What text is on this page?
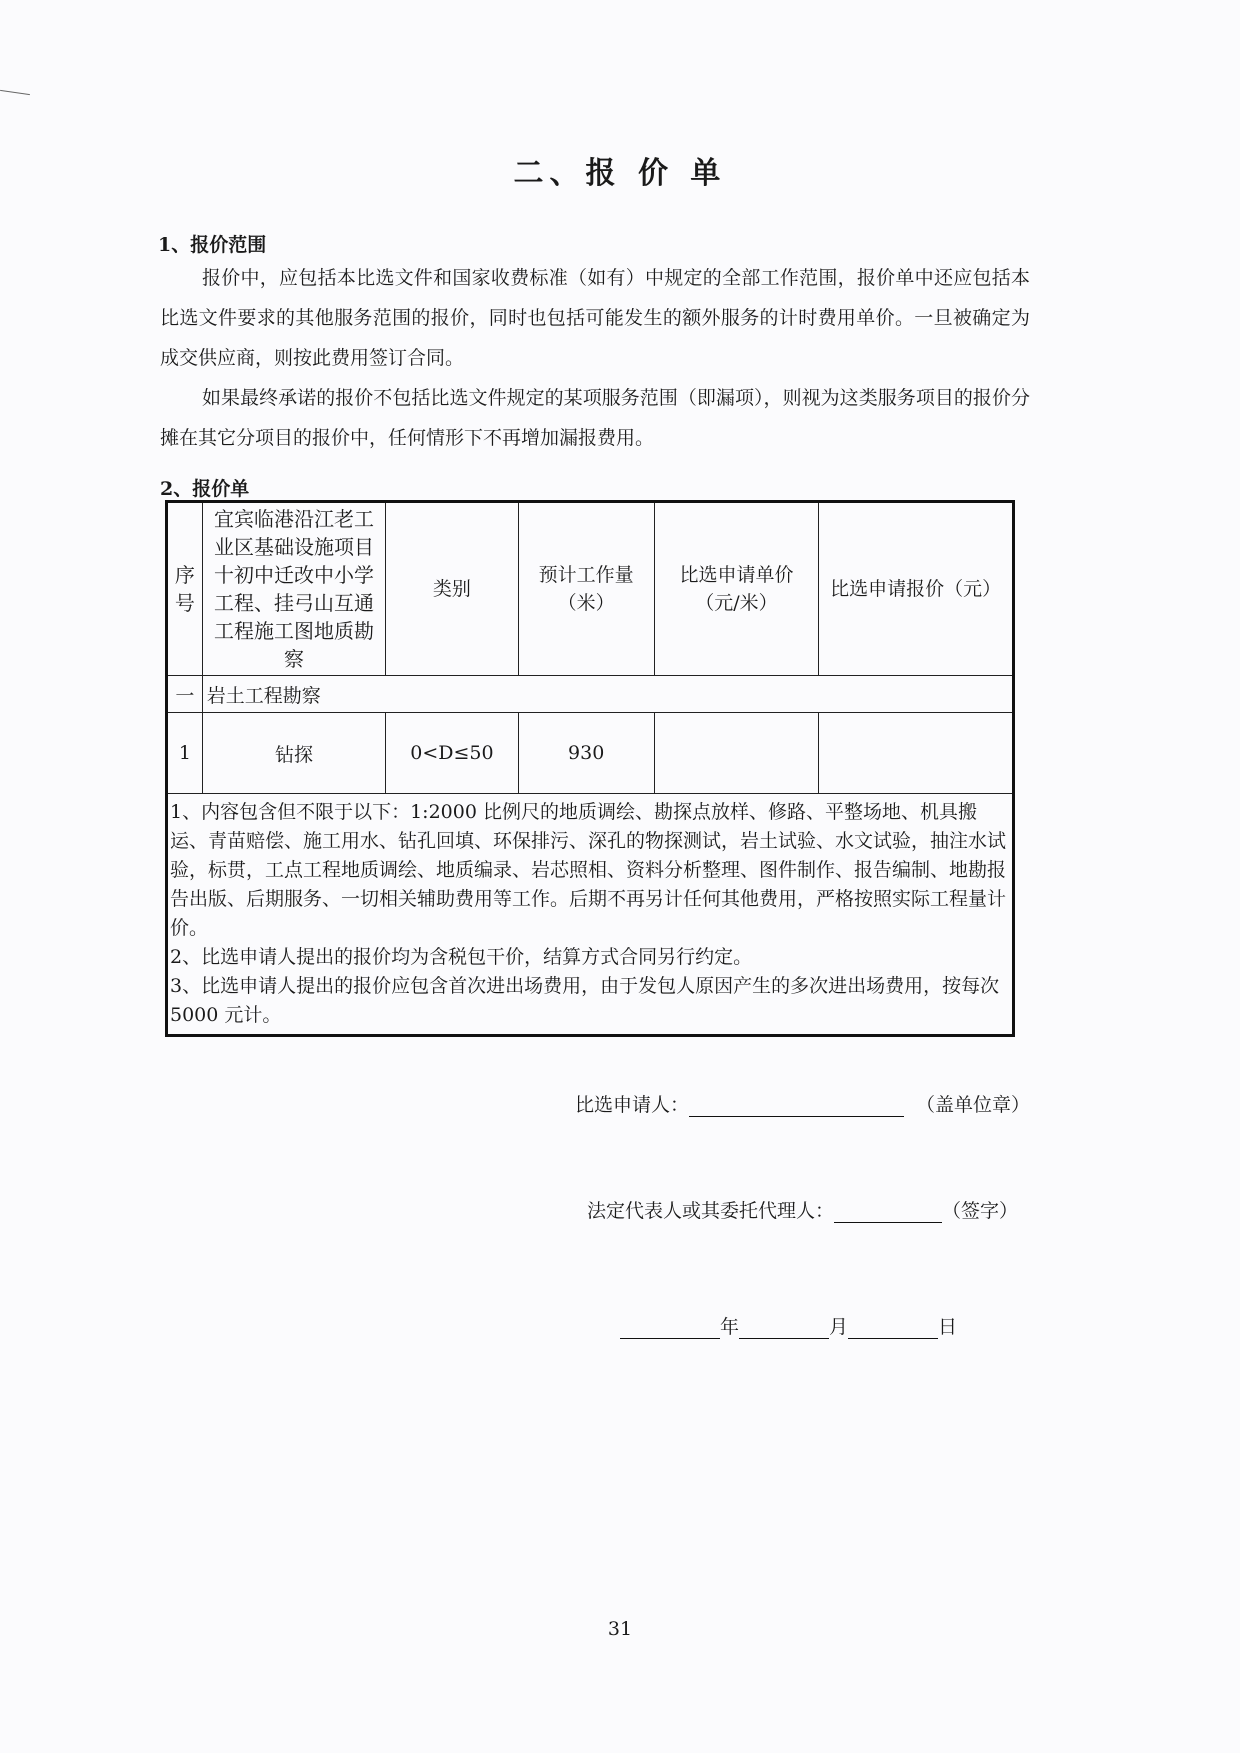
二、报 价 单
1、报价范围
报价中，应包括本比选文件和国家收费标准（如有）中规定的全部工作范围，报价单中还应包括本比选文件要求的其他服务范围的报价，同时也包括可能发生的额外服务的计时费用单价。一旦被确定为成交供应商，则按此费用签订合同。
如果最终承诺的报价不包括比选文件规定的某项服务范围（即漏项），则视为这类服务项目的报价分摊在其它分项目的报价中，任何情形下不再增加漏报费用。
2、报价单
序号	宜宾临港沿江老工业区基础设施项目十初中迁改中小学工程、挂弓山互通工程施工图地质勘察	类别	预计工作量（米）	比选申请单价（元/米）	比选申请报价（元）
一	岩土工程勘察				
1	钻探	0<D≤50	930		

1、内容包含但不限于以下：1:2000 比例尺的地质调绘、勘探点放样、修路、平整场地、机具搬运、青苗赔偿、施工用水、钻孔回填、环保排污、深孔的物探测试，岩土试验、水文试验，抽注水试验，标贯，工点工程地质调绘、地质编录、岩芯照相、资料分析整理、图件制作、报告编制、地勘报告出版、后期服务、一切相关辅助费用等工作。后期不再另计任何其他费用，严格按照实际工程量计价。
2、比选申请人提出的报价均为含税包干价，结算方式合同另行约定。
3、比选申请人提出的报价应包含首次进出场费用，由于发包人原因产生的多次进出场费用，按每次 5000 元计。					
比选申请人：	（盖单位章）
法定代表人或其委托代理人：	（签字）
年	月	日
31
